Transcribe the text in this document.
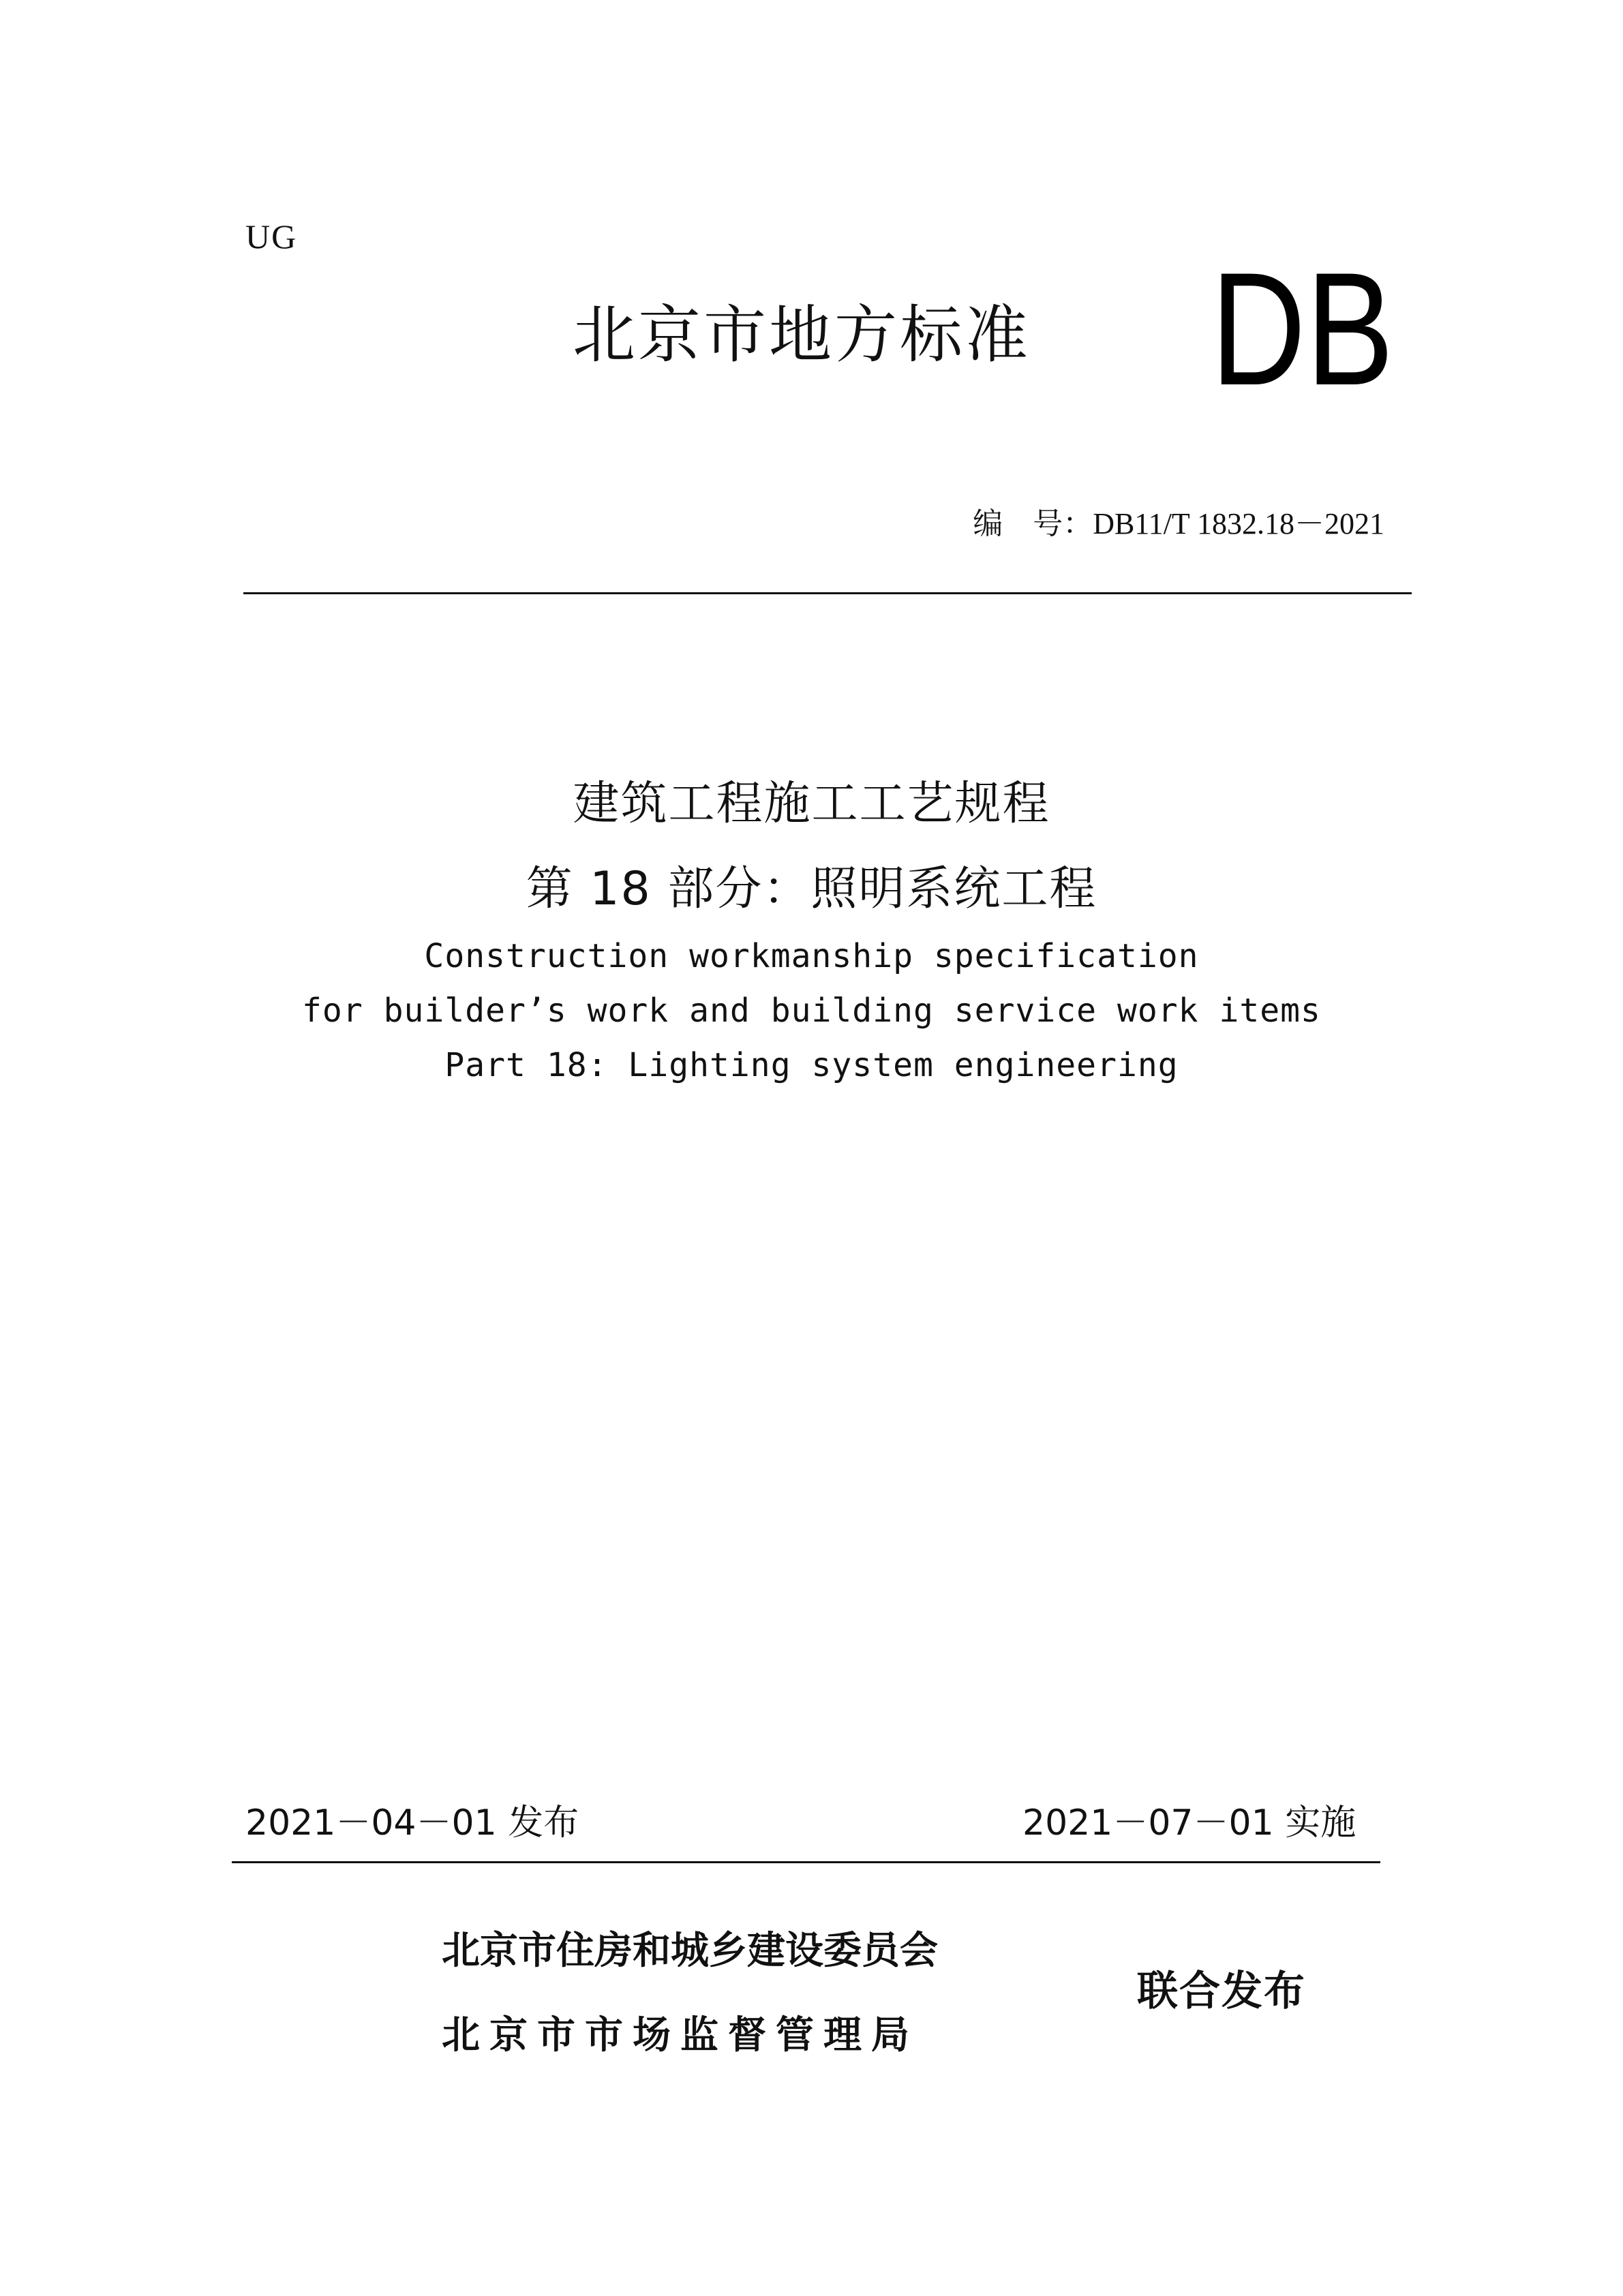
UG
北京市地方标准 DB
编　号：DB11/T 1832.18－2021
建筑工程施工工艺规程
第 18 部分：照明系统工程
Construction workmanship specification
for builder’s work and building service work items
Part 18: Lighting system engineering
2021－04－01 发布	2021－07－01 实施
北京市住房和城乡建设委员会
北京市市场监督管理局
联合发布
